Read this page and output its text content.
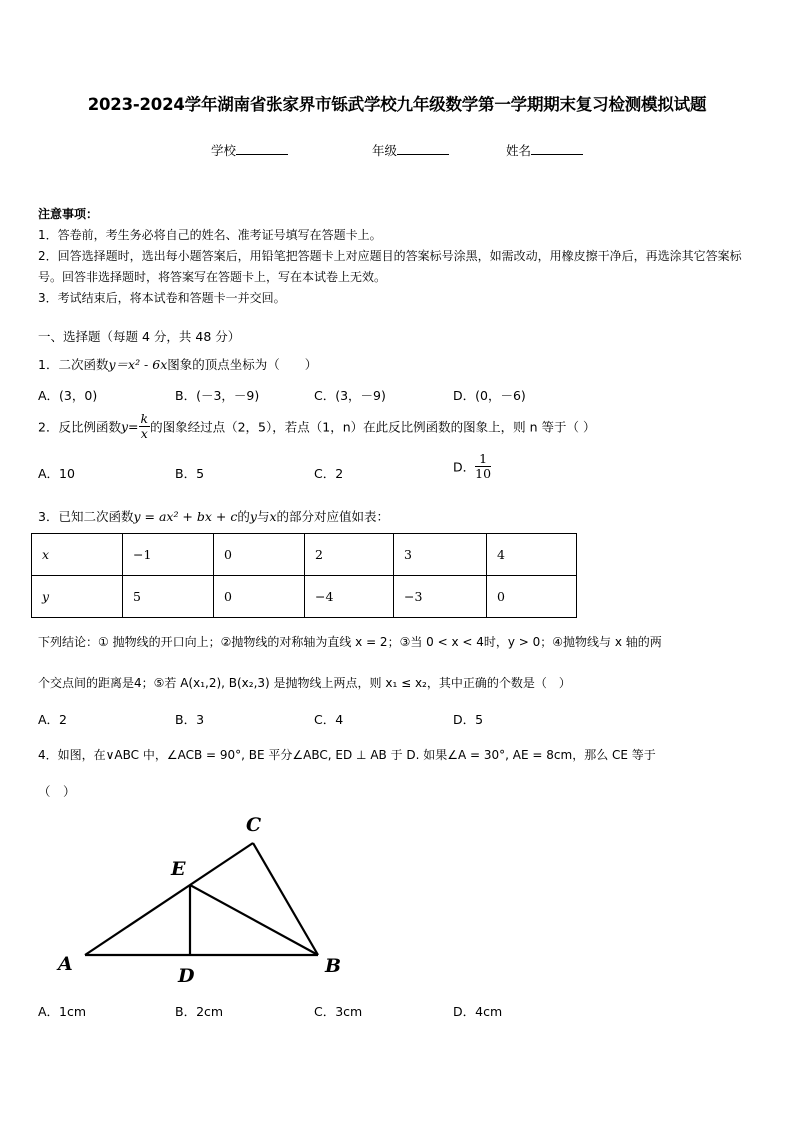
2023-2024学年湖南省张家界市铄武学校九年级数学第一学期期末复习检测模拟试题
学校	年级	姓名

注意事项：

1．答卷前，考生务必将自己的姓名、准考证号填写在答题卡上。

2．回答选择题时，选出每小题答案后，用铅笔把答题卡上对应题目的答案标号涂黑，如需改动，用橡皮擦干净后，再选涂其它答案标号。回答非选择题时，将答案写在答题卡上，写在本试卷上无效。

3．考试结束后，将本试卷和答题卡一并交回。

一、选择题（每题 4 分，共 48 分）
1．二次函数y＝x² - 6x图象的顶点坐标为（　　）
A．(3，0)	B．(－3，－9)	C．(3，－9)	D．(0，－6)
2．反比例函数$y= \frac{k}{x}$ 的图象经过点（2，5），若点（1，n）在此反比例函数的图象上，则 n 等于（ ）
A．10	B．5	C．2	D． $\frac{1}{10}$
3．已知二次函数y = ax² + bx + c的y与x的部分对应值如表：
x	−1	0	2	3	4
y	5	0	−4	−3	0
下列结论：① 抛物线的开口向上；②抛物线的对称轴为直线 x = 2；③当 0 < x < 4时，y > 0；④抛物线与 x 轴的两
个交点间的距离是4；⑤若 A(x₁,2), B(x₂,3) 是抛物线上两点，则 x₁ ≤ x₂，其中正确的个数是（　）
A．2	B．3	C．4	D．5
4．如图，在∨ABC 中，∠ACB = 90°, BE 平分∠ABC, ED ⊥ AB 于 D. 如果∠A = 30°, AE = 8cm，那么 CE 等于
（　）
A	B
C
D
E
A．1cm	B．2cm	C．3cm	D．4cm
